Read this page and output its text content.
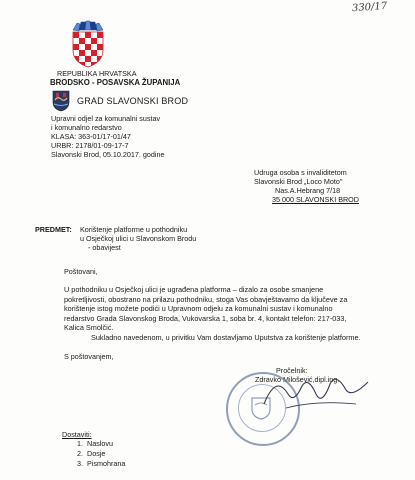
330/17
REPUBLIKA HRVATSKA
BRODSKO - POSAVSKA ŽUPANIJA
GRAD SLAVONSKI BROD
Upravni odjel za komunalni sustav
i komunalno redarstvo
KLASA: 363-01/17-01/47
URBR: 2178/01-09-17-7
Slavonski Brod, 05.10.2017. godine
Udruga osoba s invaliditetom
Slavonski Brod „Loco Moto"
Nas.A.Hebrang 7/18
35 000 SLAVONSKI BROD
PREDMET: Korištenje platforme u pothodniku
u Osječkoj ulici u Slavonskom Brodu
- obavijest
Poštovani,
U pothodniku u Osječkoj ulici je ugrađena platforma – dizalo za osobe smanjene
pokretljivosti, obostrano na prilazu pothodniku, stoga Vas obavještavamo da ključeve za
korištenje istog možete podići u Upravnom odjelu za komunalni sustav i komunalno
redarstvo Grada Slavonskog Broda, Vukovarska 1, soba br. 4, kontakt telefon: 217-033,
Kalica Smolčić.
Sukladno navedenom, u privitku Vam dostavljamo Uputstva za korištenje platforme.
S poštovanjem,
Pročelnik:
Zdravko Milošević,dipl.ing.
Dostaviti:
1.  Naslovu
2.  Dosje
3.  Pismohrana
